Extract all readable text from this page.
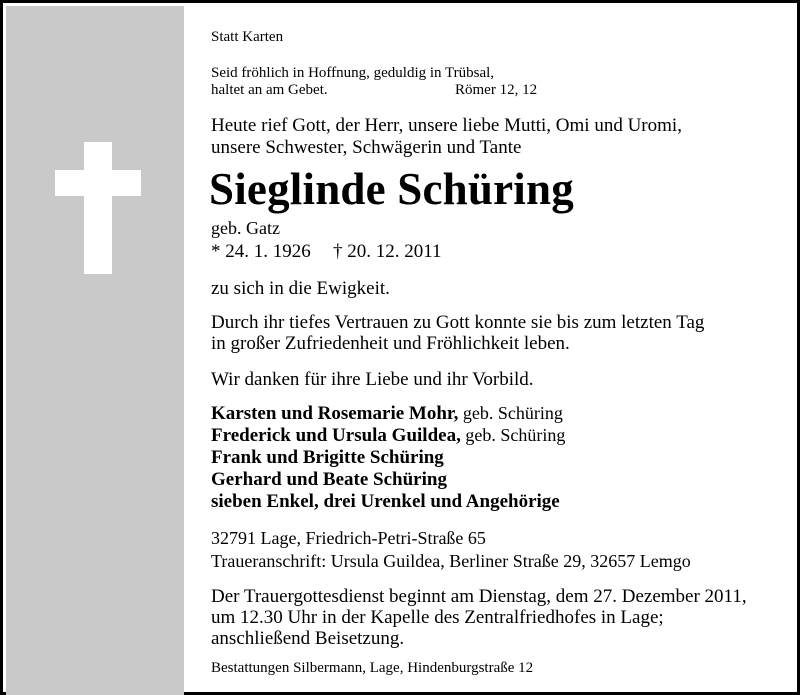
Statt Karten
Seid fröhlich in Hoffnung, geduldig in Trübsal,
haltet an am Gebet.	Römer 12, 12
Heute rief Gott, der Herr, unsere liebe Mutti, Omi und Uromi,
unsere Schwester, Schwägerin und Tante
Sieglinde Schüring
geb. Gatz
* 24. 1. 1926 † 20. 12. 2011
zu sich in die Ewigkeit.
Durch ihr tiefes Vertrauen zu Gott konnte sie bis zum letzten Tag
in großer Zufriedenheit und Fröhlichkeit leben.
Wir danken für ihre Liebe und ihr Vorbild.
Karsten und Rosemarie Mohr, geb. Schüring
Frederick und Ursula Guildea, geb. Schüring
Frank und Brigitte Schüring
Gerhard und Beate Schüring
sieben Enkel, drei Urenkel und Angehörige
32791 Lage, Friedrich-Petri-Straße 65
Traueranschrift: Ursula Guildea, Berliner Straße 29, 32657 Lemgo
Der Trauergottesdienst beginnt am Dienstag, dem 27. Dezember 2011,
um 12.30 Uhr in der Kapelle des Zentralfriedhofes in Lage;
anschließend Beisetzung.
Bestattungen Silbermann, Lage, Hindenburgstraße 12
